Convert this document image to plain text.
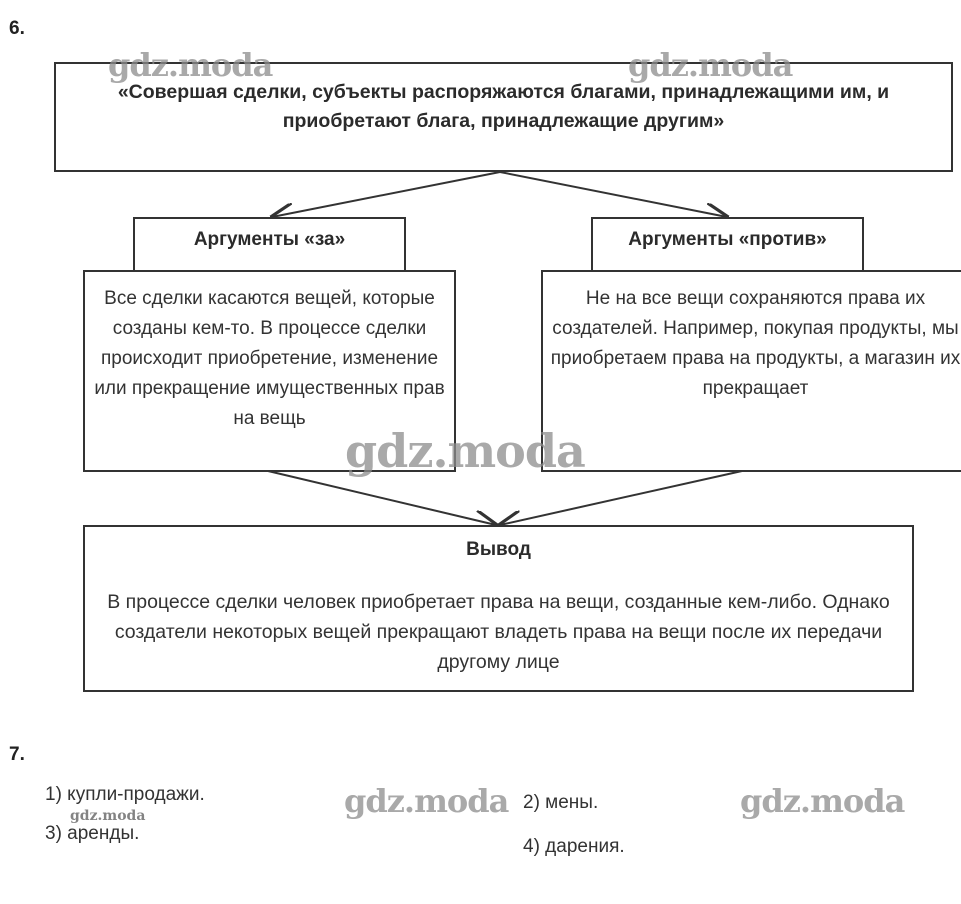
6.
«Совершая сделки, субъекты распоряжаются благами, принадлежащими им, и приобретают блага, принадлежащие другим»
Аргументы «за»
Все сделки касаются вещей, которые созданы кем-то. В процессе сделки происходит приобретение, изменение или прекращение имущественных прав на вещь
Аргументы «против»
Не на все вещи сохраняются права их создателей. Например, покупая продукты, мы приобретаем права на продукты, а магазин их прекращает
Вывод
В процессе сделки человек приобретает права на вещи, созданные кем-либо. Однако создатели некоторых вещей прекращают владеть права на вещи после их передачи другому лице
7.
1) купли-продажи.	2) мены.
3) аренды.
4) дарения.
gdz.moda	gdz.moda
gdz.moda
gdz.moda	gdz.moda
gdz.moda
